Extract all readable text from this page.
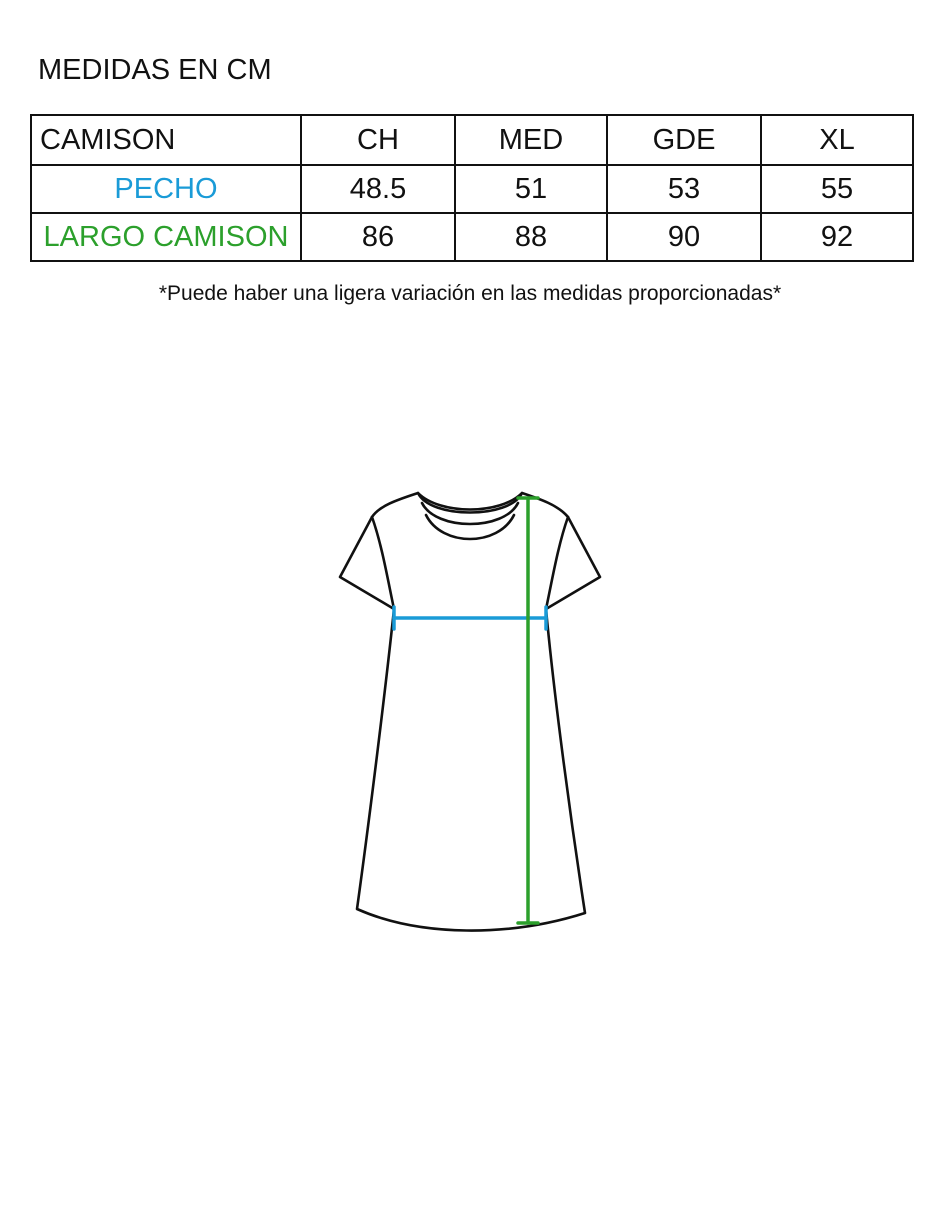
MEDIDAS EN CM
CAMISON	CH	MED	GDE	XL
PECHO	48.5	51	53	55
LARGO CAMISON	86	88	90	92
*Puede haber una ligera variación en las medidas proporcionadas*
